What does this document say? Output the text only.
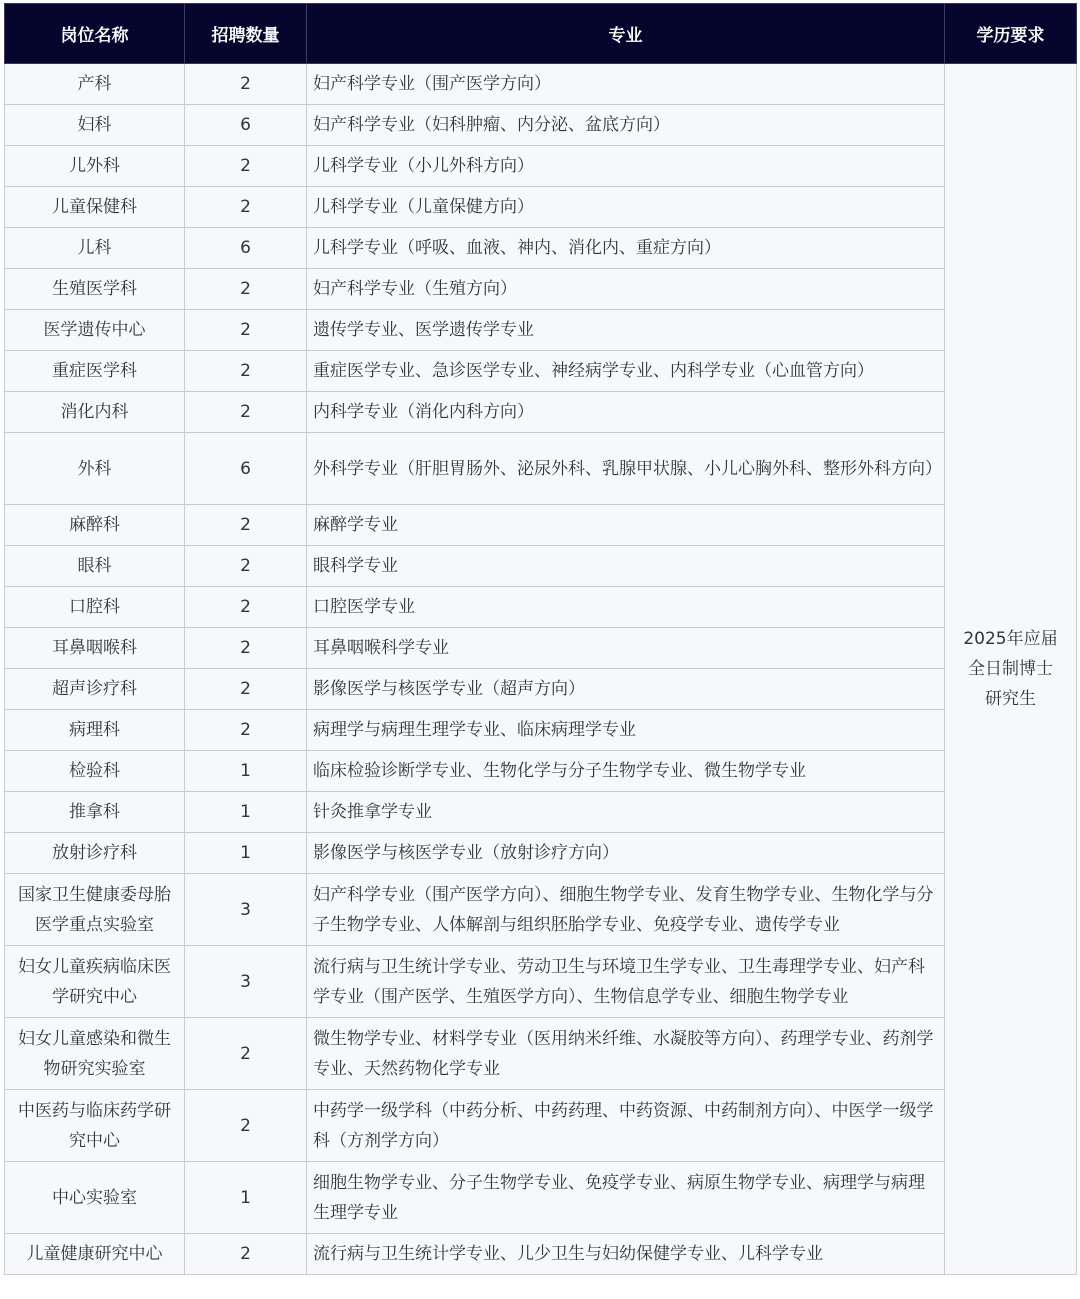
岗位名称	招聘数量	专业	学历要求
产科	2	妇产科学专业（围产医学方向）	2025年应届
全日制博士
研究生

妇科	6	妇产科学专业（妇科肿瘤、内分泌、盆底方向）	
儿外科	2	儿科学专业（小儿外科方向）	
儿童保健科	2	儿科学专业（儿童保健方向）	
儿科	6	儿科学专业（呼吸、血液、神内、消化内、重症方向）	
生殖医学科	2	妇产科学专业（生殖方向）	
医学遗传中心	2	遗传学专业、医学遗传学专业	
重症医学科	2	重症医学专业、急诊医学专业、神经病学专业、内科学专业（心血管方向）	
消化内科	2	内科学专业（消化内科方向）	
外科	6	外科学专业（肝胆胃肠外、泌尿外科、乳腺甲状腺、小儿心胸外科、整形外科方向）	
麻醉科	2	麻醉学专业	
眼科	2	眼科学专业	
口腔科	2	口腔医学专业	
耳鼻咽喉科	2	耳鼻咽喉科学专业	
超声诊疗科	2	影像医学与核医学专业（超声方向）	
病理科	2	病理学与病理生理学专业、临床病理学专业	
检验科	1	临床检验诊断学专业、生物化学与分子生物学专业、微生物学专业	
推拿科	1	针灸推拿学专业	
放射诊疗科	1	影像医学与核医学专业（放射诊疗方向）	
国家卫生健康委母胎医学重点实验室	3	妇产科学专业（围产医学方向）、细胞生物学专业、发育生物学专业、生物化学与分子生物学专业、人体解剖与组织胚胎学专业、免疫学专业、遗传学专业	
妇女儿童疾病临床医学研究中心	3	流行病与卫生统计学专业、劳动卫生与环境卫生学专业、卫生毒理学专业、妇产科学专业（围产医学、生殖医学方向）、生物信息学专业、细胞生物学专业	
妇女儿童感染和微生物研究实验室	2	微生物学专业、材料学专业（医用纳米纤维、水凝胶等方向）、药理学专业、药剂学专业、天然药物化学专业	
中医药与临床药学研究中心	2	中药学一级学科（中药分析、中药药理、中药资源、中药制剂方向）、中医学一级学科（方剂学方向）	
中心实验室	1	细胞生物学专业、分子生物学专业、免疫学专业、病原生物学专业、病理学与病理生理学专业	
儿童健康研究中心	2	流行病与卫生统计学专业、儿少卫生与妇幼保健学专业、儿科学专业	
